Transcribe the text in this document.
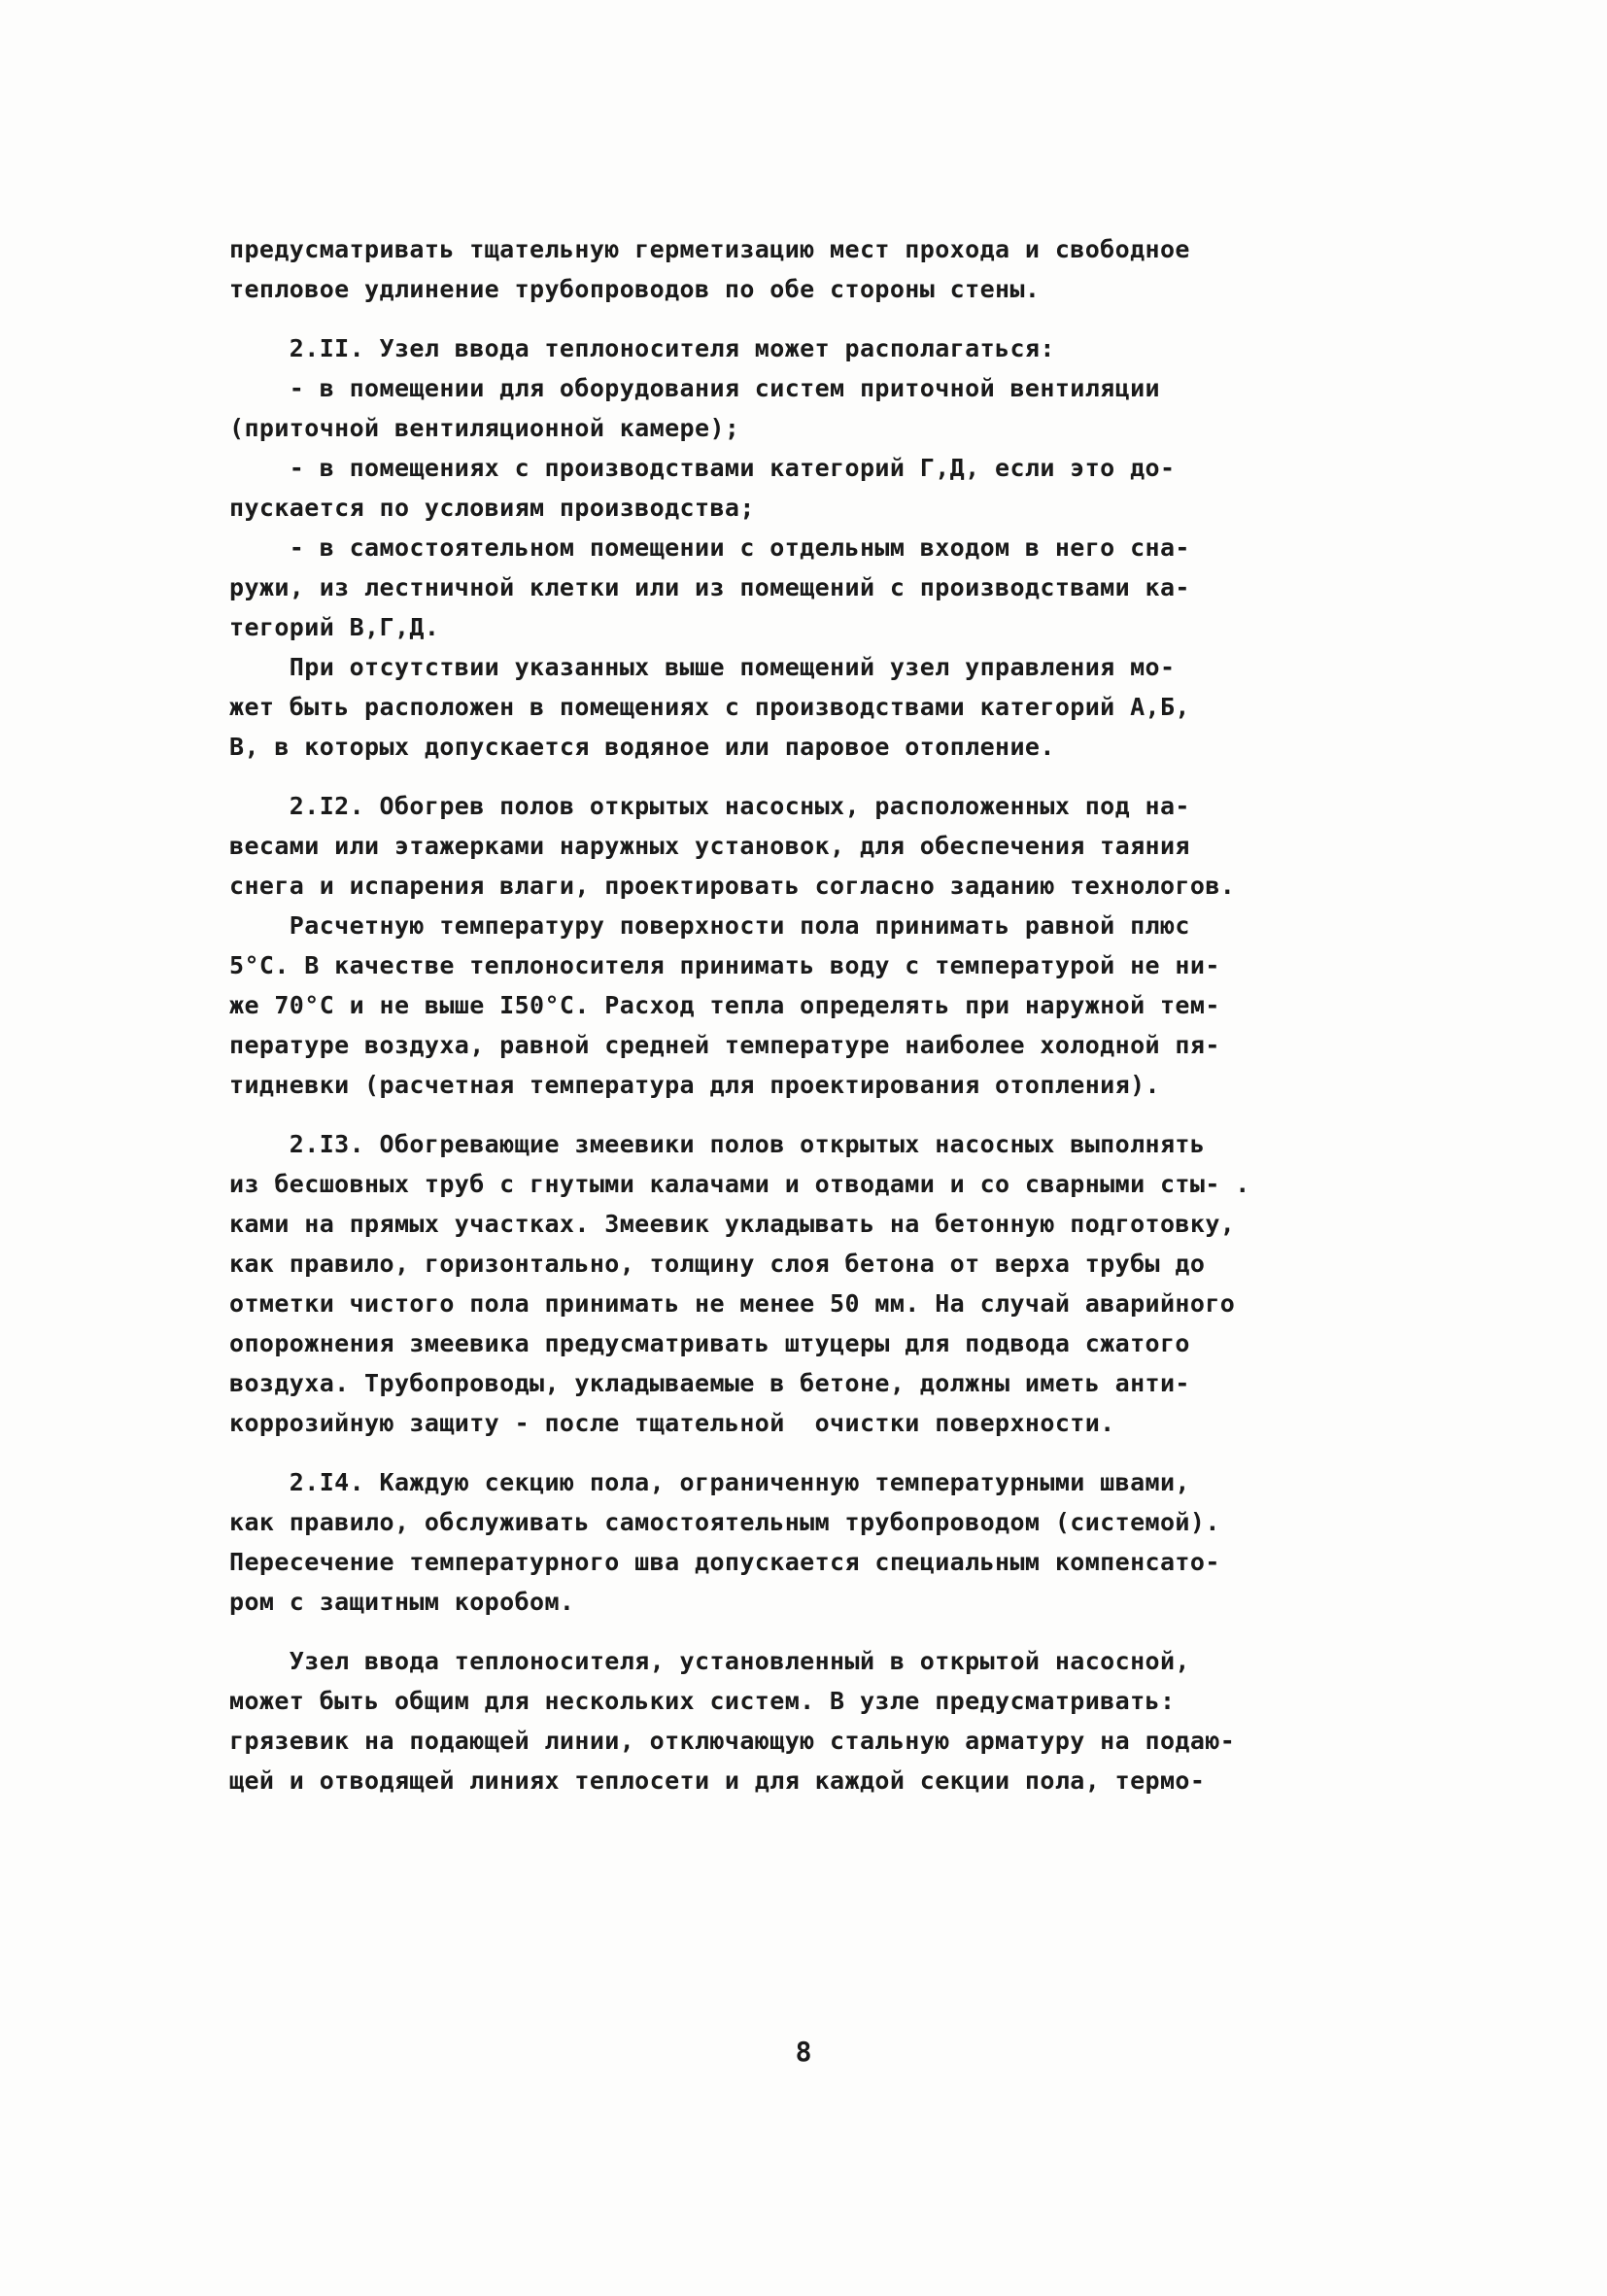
предусматривать тщательную герметизацию мест прохода и свободное
тепловое удлинение трубопроводов по обе стороны стены.
2.II. Узел ввода теплоносителя может располагаться:
- в помещении для оборудования систем приточной вентиляции
(приточной вентиляционной камере);
- в помещениях с производствами категорий Г,Д, если это до-
пускается по условиям производства;
- в самостоятельном помещении с отдельным входом в него сна-
ружи, из лестничной клетки или из помещений с производствами ка-
тегорий В,Г,Д.
При отсутствии указанных выше помещений узел управления мо-
жет быть расположен в помещениях с производствами категорий А,Б,
В, в которых допускается водяное или паровое отопление.
2.I2. Обогрев полов открытых насосных, расположенных под на-
весами или этажерками наружных установок, для обеспечения таяния
снега и испарения влаги, проектировать согласно заданию технологов.
Расчетную температуру поверхности пола принимать равной плюс
5°С. В качестве теплоносителя принимать воду с температурой не ни-
же 70°С и не выше I50°С. Расход тепла определять при наружной тем-
пературе воздуха, равной средней температуре наиболее холодной пя-
тидневки (расчетная температура для проектирования отопления).
2.I3. Обогревающие змеевики полов открытых насосных выполнять
из бесшовных труб с гнутыми калачами и отводами и со сварными сты- .
ками на прямых участках. Змеевик укладывать на бетонную подготовку,
как правило, горизонтально, толщину слоя бетона от верха трубы до
отметки чистого пола принимать не менее 50 мм. На случай аварийного
опорожнения змеевика предусматривать штуцеры для подвода сжатого
воздуха. Трубопроводы, укладываемые в бетоне, должны иметь анти-
коррозийную защиту - после тщательной  очистки поверхности.
2.I4. Каждую секцию пола, ограниченную температурными швами,
как правило, обслуживать самостоятельным трубопроводом (системой).
Пересечение температурного шва допускается специальным компенсато-
ром с защитным коробом.
Узел ввода теплоносителя, установленный в открытой насосной,
может быть общим для нескольких систем. В узле предусматривать:
грязевик на подающей линии, отключающую стальную арматуру на подаю-
щей и отводящей линиях теплосети и для каждой секции пола, термо-
8
